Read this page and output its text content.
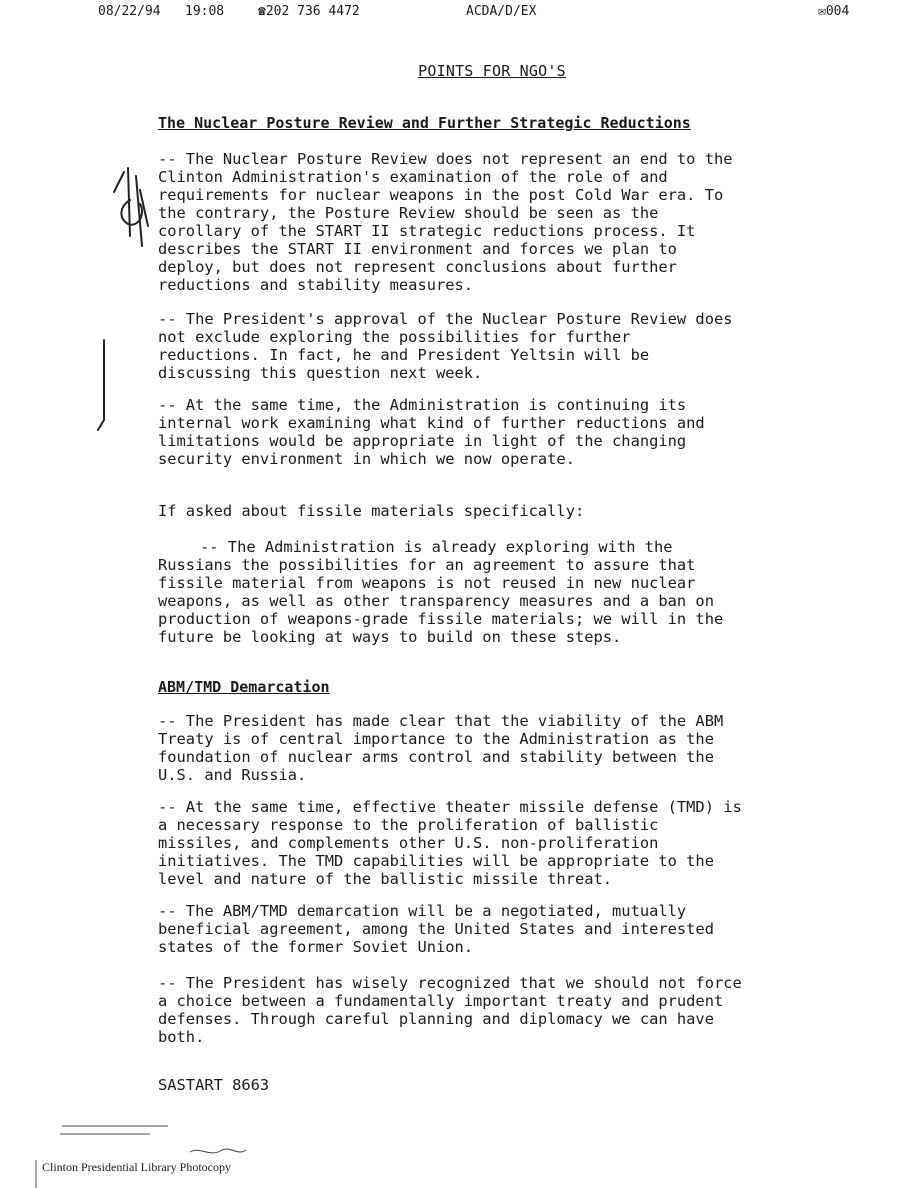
08/22/94 19:08	☎202 736 4472	ACDA/D/EX	✉004
POINTS FOR NGO'S
The Nuclear Posture Review and Further Strategic Reductions

-- The Nuclear Posture Review does not represent an end to the
Clinton Administration's examination of the role of and
requirements for nuclear weapons in the post Cold War era. To
the contrary, the Posture Review should be seen as the
corollary of the START II strategic reductions process. It
describes the START II environment and forces we plan to
deploy, but does not represent conclusions about further
reductions and stability measures.

-- The President's approval of the Nuclear Posture Review does
not exclude exploring the possibilities for further
reductions. In fact, he and President Yeltsin will be
discussing this question next week.

-- At the same time, the Administration is continuing its
internal work examining what kind of further reductions and
limitations would be appropriate in light of the changing
security environment in which we now operate.

If asked about fissile materials specifically:

-- The Administration is already exploring with the
Russians the possibilities for an agreement to assure that
fissile material from weapons is not reused in new nuclear
weapons, as well as other transparency measures and a ban on
production of weapons-grade fissile materials; we will in the
future be looking at ways to build on these steps.

ABM/TMD Demarcation

-- The President has made clear that the viability of the ABM
Treaty is of central importance to the Administration as the
foundation of nuclear arms control and stability between the
U.S. and Russia.

-- At the same time, effective theater missile defense (TMD) is
a necessary response to the proliferation of ballistic
missiles, and complements other U.S. non-proliferation
initiatives. The TMD capabilities will be appropriate to the
level and nature of the ballistic missile threat.

-- The ABM/TMD demarcation will be a negotiated, mutually
beneficial agreement, among the United States and interested
states of the former Soviet Union.

-- The President has wisely recognized that we should not force
a choice between a fundamentally important treaty and prudent
defenses. Through careful planning and diplomacy we can have
both.

SASTART 8663
Clinton Presidential Library Photocopy
